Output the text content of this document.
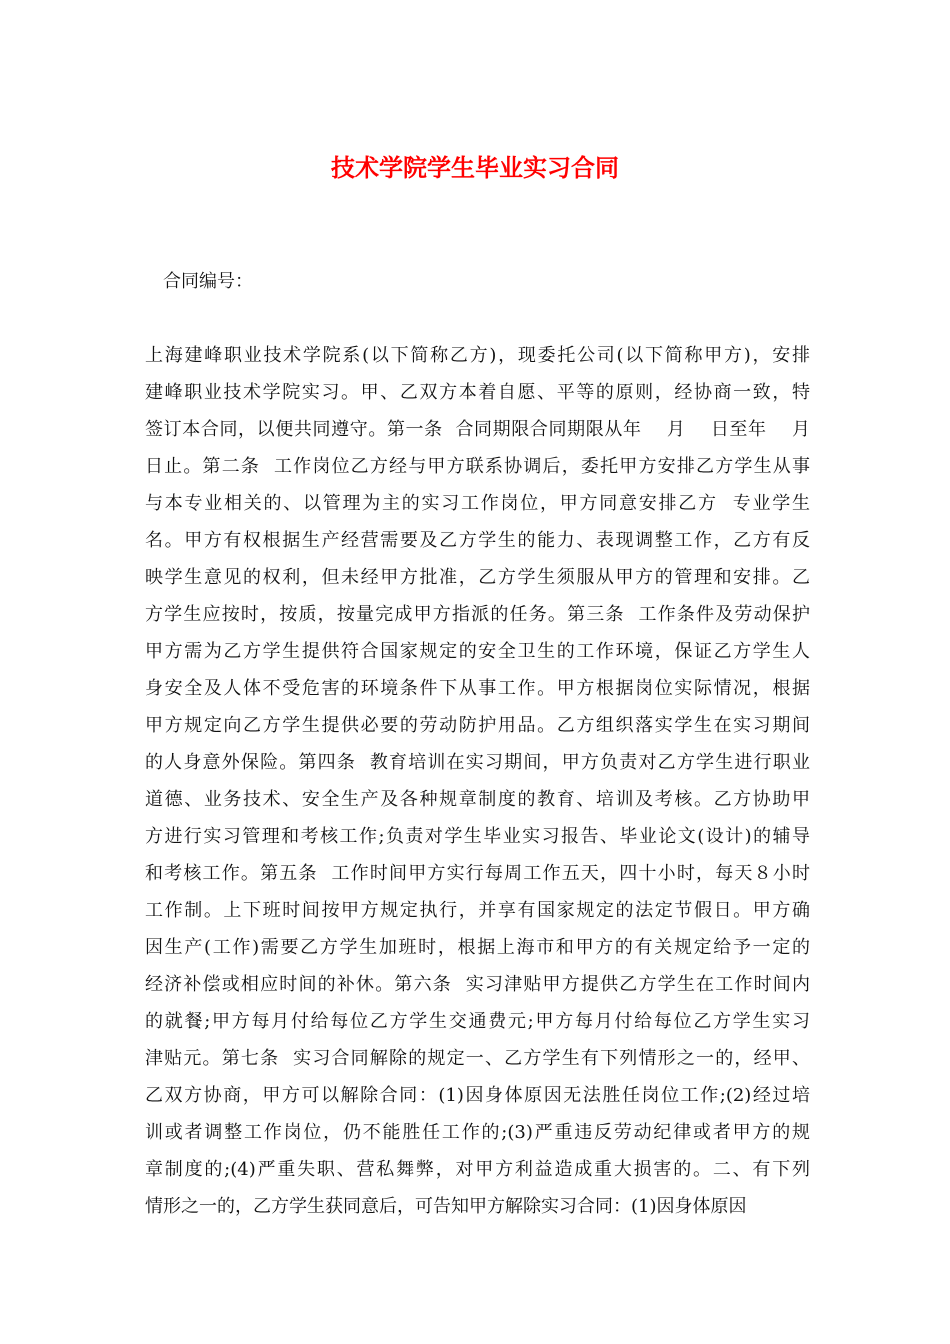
技术学院学生毕业实习合同

合同编号：

上海建峰职业技术学院系(以下简称乙方)，现委托公司(以下简称甲方)，安排
建峰职业技术学院实习。甲、乙双方本着自愿、平等的原则，经协商一致，特
签订本合同，以便共同遵守。第一条  合同期限合同期限从年    月    日至年    月
日止。第二条  工作岗位乙方经与甲方联系协调后，委托甲方安排乙方学生从事
与本专业相关的、以管理为主的实习工作岗位，甲方同意安排乙方  专业学生
名。甲方有权根据生产经营需要及乙方学生的能力、表现调整工作，乙方有反
映学生意见的权利，但未经甲方批准，乙方学生须服从甲方的管理和安排。乙
方学生应按时，按质，按量完成甲方指派的任务。第三条  工作条件及劳动保护
甲方需为乙方学生提供符合国家规定的安全卫生的工作环境，保证乙方学生人
身安全及人体不受危害的环境条件下从事工作。甲方根据岗位实际情况，根据
甲方规定向乙方学生提供必要的劳动防护用品。乙方组织落实学生在实习期间
的人身意外保险。第四条  教育培训在实习期间，甲方负责对乙方学生进行职业
道德、业务技术、安全生产及各种规章制度的教育、培训及考核。乙方协助甲
方进行实习管理和考核工作;负责对学生毕业实习报告、毕业论文(设计)的辅导
和考核工作。第五条  工作时间甲方实行每周工作五天，四十小时，每天８小时
工作制。上下班时间按甲方规定执行，并享有国家规定的法定节假日。甲方确
因生产(工作)需要乙方学生加班时，根据上海市和甲方的有关规定给予一定的
经济补偿或相应时间的补休。第六条  实习津贴甲方提供乙方学生在工作时间内
的就餐;甲方每月付给每位乙方学生交通费元;甲方每月付给每位乙方学生实习
津贴元。第七条  实习合同解除的规定一、乙方学生有下列情形之一的，经甲、
乙双方协商，甲方可以解除合同：(1)因身体原因无法胜任岗位工作;(2)经过培
训或者调整工作岗位，仍不能胜任工作的;(3)严重违反劳动纪律或者甲方的规
章制度的;(4)严重失职、营私舞弊，对甲方利益造成重大损害的。二、有下列
情形之一的，乙方学生获同意后，可告知甲方解除实习合同：(1)因身体原因
